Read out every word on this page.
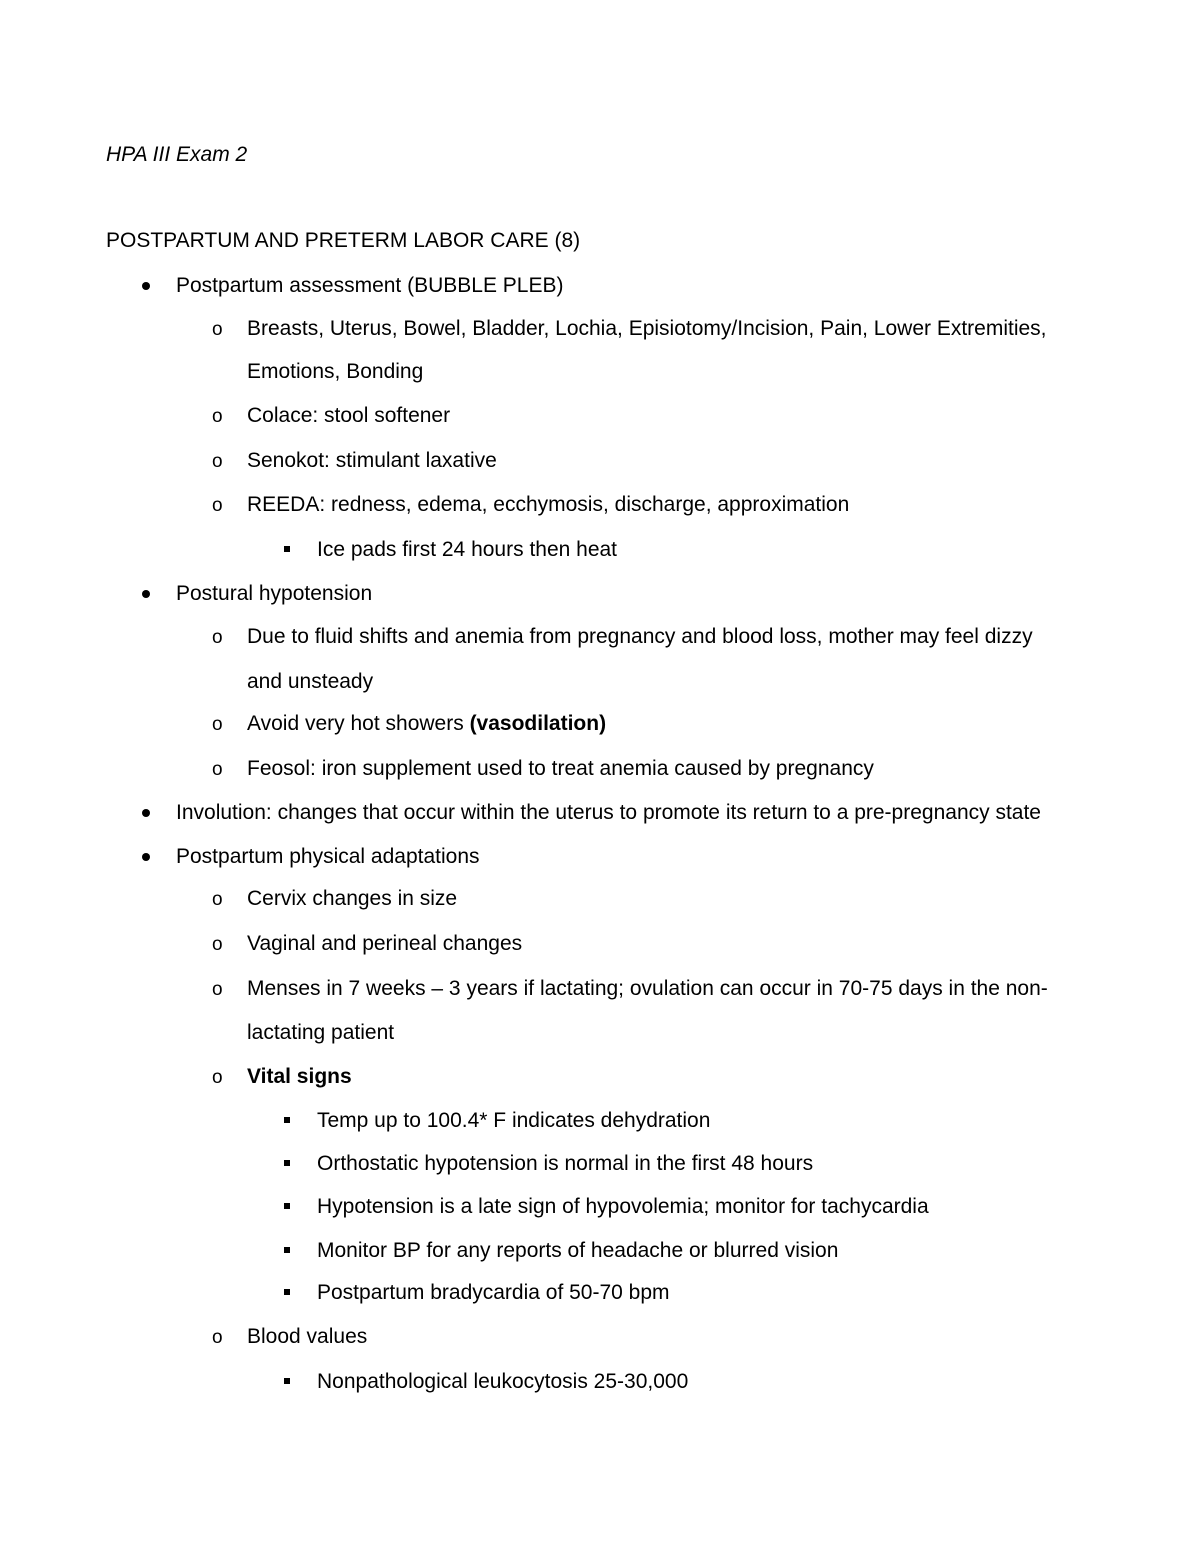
HPA III Exam 2
POSTPARTUM AND PRETERM LABOR CARE (8)
Postpartum assessment (BUBBLE PLEB)
o Breasts, Uterus, Bowel, Bladder, Lochia, Episiotomy/Incision, Pain, Lower Extremities,
Emotions, Bonding
o Colace: stool softener
o Senokot: stimulant laxative
o REEDA: redness, edema, ecchymosis, discharge, approximation
Ice pads first 24 hours then heat
Postural hypotension
o Due to fluid shifts and anemia from pregnancy and blood loss, mother may feel dizzy
and unsteady
o Avoid very hot showers (vasodilation)
o Feosol: iron supplement used to treat anemia caused by pregnancy
Involution: changes that occur within the uterus to promote its return to a pre-pregnancy state
Postpartum physical adaptations
o Cervix changes in size
o Vaginal and perineal changes
o Menses in 7 weeks – 3 years if lactating; ovulation can occur in 70-75 days in the non-
lactating patient
o Vital signs
Temp up to 100.4* F indicates dehydration
Orthostatic hypotension is normal in the first 48 hours
Hypotension is a late sign of hypovolemia; monitor for tachycardia
Monitor BP for any reports of headache or blurred vision
Postpartum bradycardia of 50-70 bpm
o Blood values
Nonpathological leukocytosis 25-30,000
